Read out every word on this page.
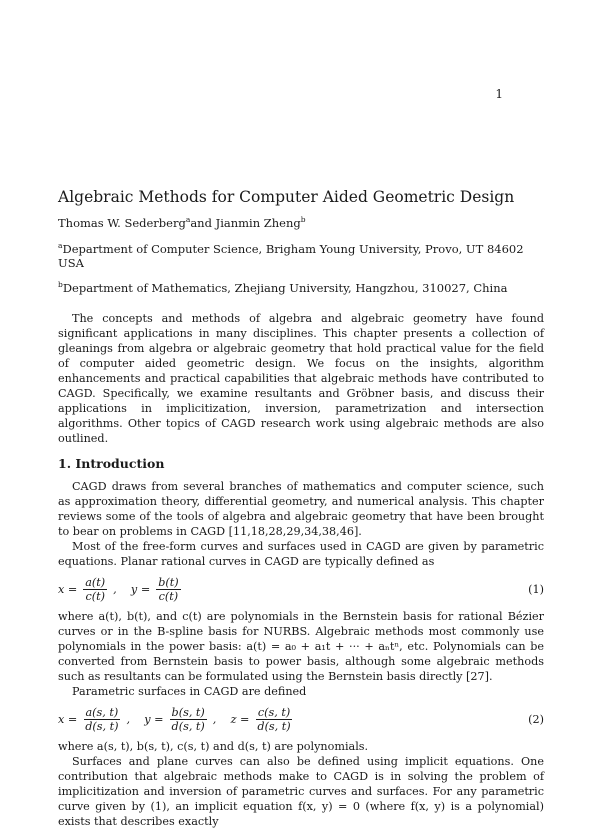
1
Algebraic Methods for Computer Aided Geometric Design
Thomas W. Sederberg$^a$and Jianmin Zheng$^b$
$^a$Department of Computer Science, Brigham Young University, Provo, UT 84602 USA
$^b$Department of Mathematics, Zhejiang University, Hangzhou, 310027, China

The concepts and methods of algebra and algebraic geometry have found significant applications in many disciplines. This chapter presents a collection of gleanings from algebra or algebraic geometry that hold practical value for the field of computer aided geometric design. We focus on the insights, algorithm enhancements and practical capabilities that algebraic methods have contributed to CAGD. Specifically, we examine resultants and Gröbner basis, and discuss their applications in implicitization, inversion, parametrization and intersection algorithms. Other topics of CAGD research work using algebraic methods are also outlined.

1. Introduction

CAGD draws from several branches of mathematics and computer science, such as approximation theory, differential geometry, and numerical analysis. This chapter reviews some of the tools of algebra and algebraic geometry that have been brought to bear on problems in CAGD [11,18,28,29,34,38,46].

Most of the free-form curves and surfaces used in CAGD are given by parametric equations. Planar rational curves in CAGD are typically defined as

$x = \frac{a(t)}{c(t)}$ ,    $y = \frac{b(t)}{c(t)}$	(1)

where a(t), b(t), and c(t) are polynomials in the Bernstein basis for rational Bézier curves or in the B-spline basis for NURBS. Algebraic methods most commonly use polynomials in the power basis: a(t) = a₀ + a₁t + ··· + aₙtⁿ, etc. Polynomials can be converted from Bernstein basis to power basis, although some algebraic methods such as resultants can be formulated using the Bernstein basis directly [27].

Parametric surfaces in CAGD are defined

$x = \frac{a(s, t)}{d(s, t)}$ ,    $y = \frac{b(s, t)}{d(s, t)}$ ,    $z = \frac{c(s, t)}{d(s, t)}$	(2)

where a(s, t), b(s, t), c(s, t) and d(s, t) are polynomials.

Surfaces and plane curves can also be defined using implicit equations. One contribution that algebraic methods make to CAGD is in solving the problem of implicitization and inversion of parametric curves and surfaces. For any parametric curve given by (1), an implicit equation f(x, y) = 0 (where f(x, y) is a polynomial) exists that describes exactly
